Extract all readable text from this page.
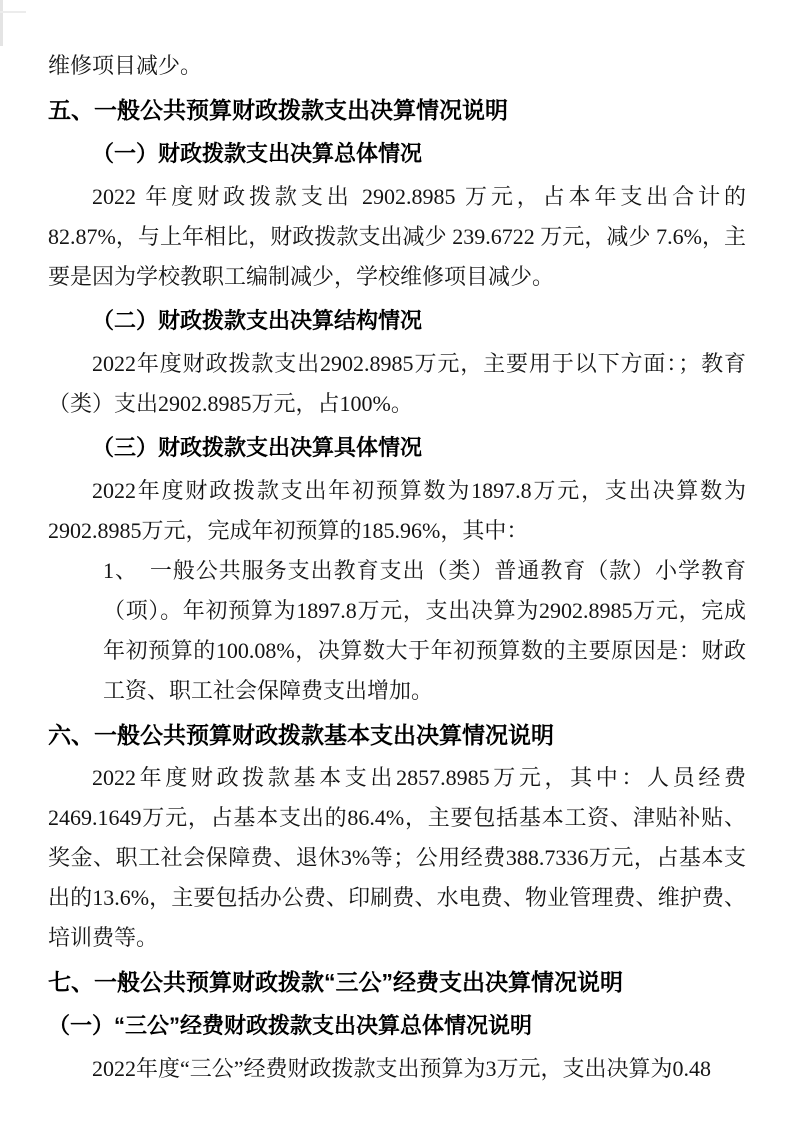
维修项目减少。

五、一般公共预算财政拨款支出决算情况说明
（一）财政拨款支出决算总体情况

2022 年度财政拨款支出 2902.8985 万元，占本年支出合计的 82.87%，与上年相比，财政拨款支出减少 239.6722 万元，减少 7.6%，主要是因为学校教职工编制减少，学校维修项目减少。

（二）财政拨款支出决算结构情况

2022年度财政拨款支出2902.8985万元，主要用于以下方面：；教育（类）支出2902.8985万元，占100%。

（三）财政拨款支出决算具体情况

2022年度财政拨款支出年初预算数为1897.8万元，支出决算数为2902.8985万元，完成年初预算的185.96%，其中：

1、　一般公共服务支出教育支出（类）普通教育（款）小学教育（项）。年初预算为1897.8万元，支出决算为2902.8985万元，完成年初预算的100.08%，决算数大于年初预算数的主要原因是：财政工资、职工社会保障费支出增加。

六、一般公共预算财政拨款基本支出决算情况说明

2022年度财政拨款基本支出2857.8985万元，其中：人员经费2469.1649万元，占基本支出的86.4%，主要包括基本工资、津贴补贴、奖金、职工社会保障费、退休3%等；公用经费388.7336万元，占基本支出的13.6%，主要包括办公费、印刷费、水电费、物业管理费、维护费、培训费等。

七、一般公共预算财政拨款“三公”经费支出决算情况说明
（一）“三公”经费财政拨款支出决算总体情况说明

2022年度“三公”经费财政拨款支出预算为3万元，支出决算为0.48
